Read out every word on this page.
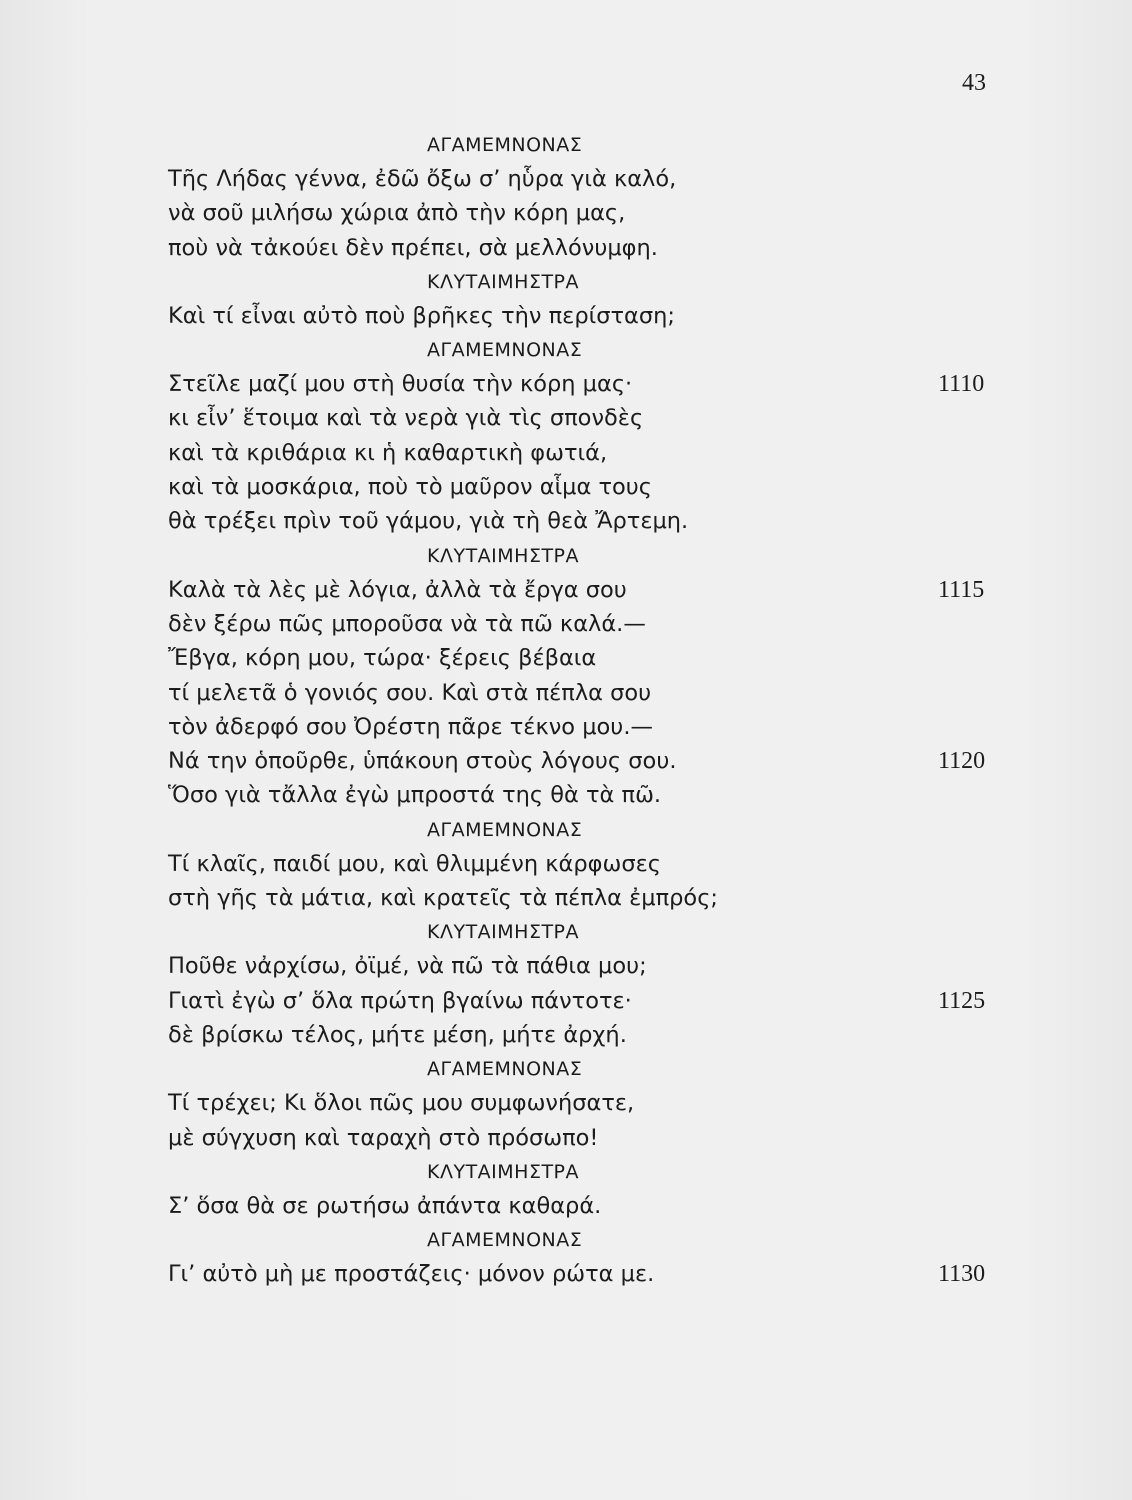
43
ΑΓΑΜΕΜΝΟΝΑΣ
Τῆς Λήδας γέννα, ἐδῶ ὄξω σ’ ηὗρα γιὰ καλό,
νὰ σοῦ μιλήσω χώρια ἀπὸ τὴν κόρη μας,
ποὺ νὰ τἀκούει δὲν πρέπει, σὰ μελλόνυμφη.
ΚΛΥΤΑΙΜΗΣΤΡΑ
Καὶ τί εἶναι αὐτὸ ποὺ βρῆκες τὴν περίσταση;
ΑΓΑΜΕΜΝΟΝΑΣ
Στεῖλε μαζί μου στὴ θυσία τὴν κόρη μας·	1110
κι εἶν’ ἕτοιμα καὶ τὰ νερὰ γιὰ τὶς σπονδὲς
καὶ τὰ κριθάρια κι ἡ καθαρτικὴ φωτιά,
καὶ τὰ μοσκάρια, ποὺ τὸ μαῦρον αἷμα τους
θὰ τρέξει πρὶν τοῦ γάμου, γιὰ τὴ θεὰ Ἄρτεμη.
ΚΛΥΤΑΙΜΗΣΤΡΑ
Καλὰ τὰ λὲς μὲ λόγια, ἀλλὰ τὰ ἔργα σου	1115
δὲν ξέρω πῶς μποροῦσα νὰ τὰ πῶ καλά.—
Ἔβγα, κόρη μου, τώρα· ξέρεις βέβαια
τί μελετᾶ ὁ γονιός σου. Καὶ στὰ πέπλα σου
τὸν ἀδερφό σου Ὀρέστη πᾶρε τέκνο μου.—
Νά την ὁπoῦρθε, ὑπάκουη στοὺς λόγους σου.	1120
Ὅσο γιὰ τἄλλα ἐγὼ μπροστά της θὰ τὰ πῶ.
ΑΓΑΜΕΜΝΟΝΑΣ
Τί κλαῖς, παιδί μου, καὶ θλιμμένη κάρφωσες
στὴ γῆς τὰ μάτια, καὶ κρατεῖς τὰ πέπλα ἐμπρός;
ΚΛΥΤΑΙΜΗΣΤΡΑ
Ποῦθε νἀρχίσω, ὀϊμέ, νὰ πῶ τὰ πάθια μου;
Γιατὶ ἐγὼ σ’ ὅλα πρώτη βγαίνω πάντοτε·	1125
δὲ βρίσκω τέλος, μήτε μέση, μήτε ἀρχή.
ΑΓΑΜΕΜΝΟΝΑΣ
Τί τρέχει; Κι ὅλοι πῶς μου συμφωνήσατε,
μὲ σύγχυση καὶ ταραχὴ στὸ πρόσωπο!
ΚΛΥΤΑΙΜΗΣΤΡΑ
Σ’ ὅσα θὰ σε ρωτήσω ἀπάντα καθαρά.
ΑΓΑΜΕΜΝΟΝΑΣ
Γι’ αὐτὸ μὴ με προστάζεις· μόνον ρώτα με.	1130
